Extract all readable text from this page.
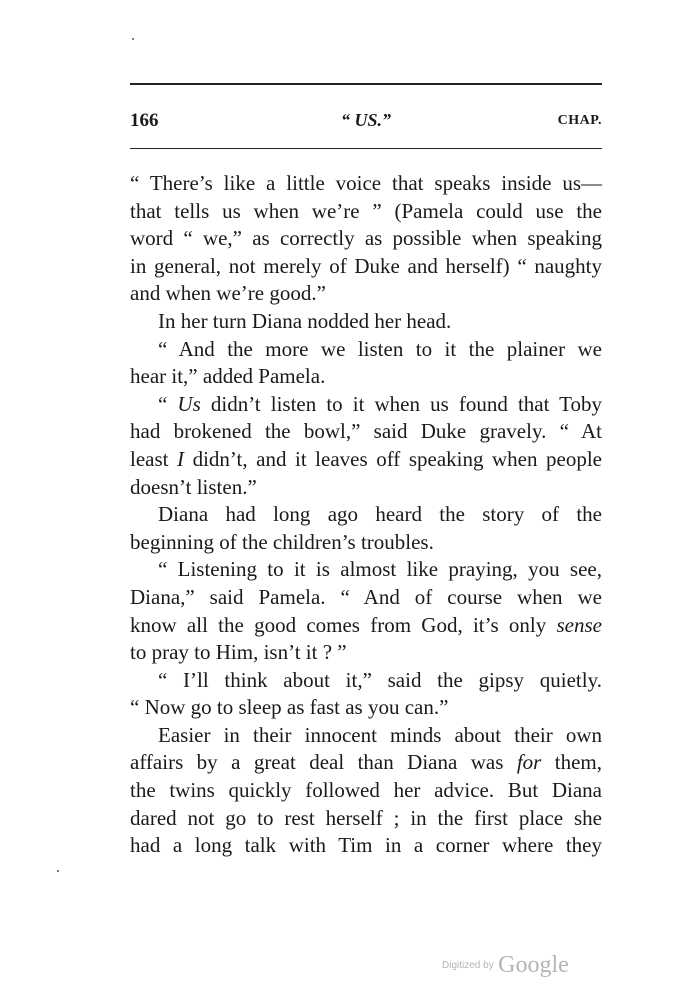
166	“ US.”	CHAP.

“ There’s like a little voice that speaks inside us—

that tells us when we’re ” (Pamela could use the

word “ we,” as correctly as possible when speaking

in general, not merely of Duke and herself) “ naughty

and when we’re good.”

In her turn Diana nodded her head.

“ And the more we listen to it the plainer we

hear it,” added Pamela.

“ Us didn’t listen to it when us found that Toby

had brokened the bowl,” said Duke gravely. “ At

least I didn’t, and it leaves off speaking when people

doesn’t listen.”

Diana had long ago heard the story of the

beginning of the children’s troubles.

“ Listening to it is almost like praying, you see,

Diana,” said Pamela. “ And of course when we

know all the good comes from God, it’s only sense

to pray to Him, isn’t it ? ”

“ I’ll think about it,” said the gipsy quietly.

“ Now go to sleep as fast as you can.”

Easier in their innocent minds about their own

affairs by a great deal than Diana was for them,

the twins quickly followed her advice. But Diana

dared not go to rest herself ; in the first place she

had a long talk with Tim in a corner where they

Digitized by Google
